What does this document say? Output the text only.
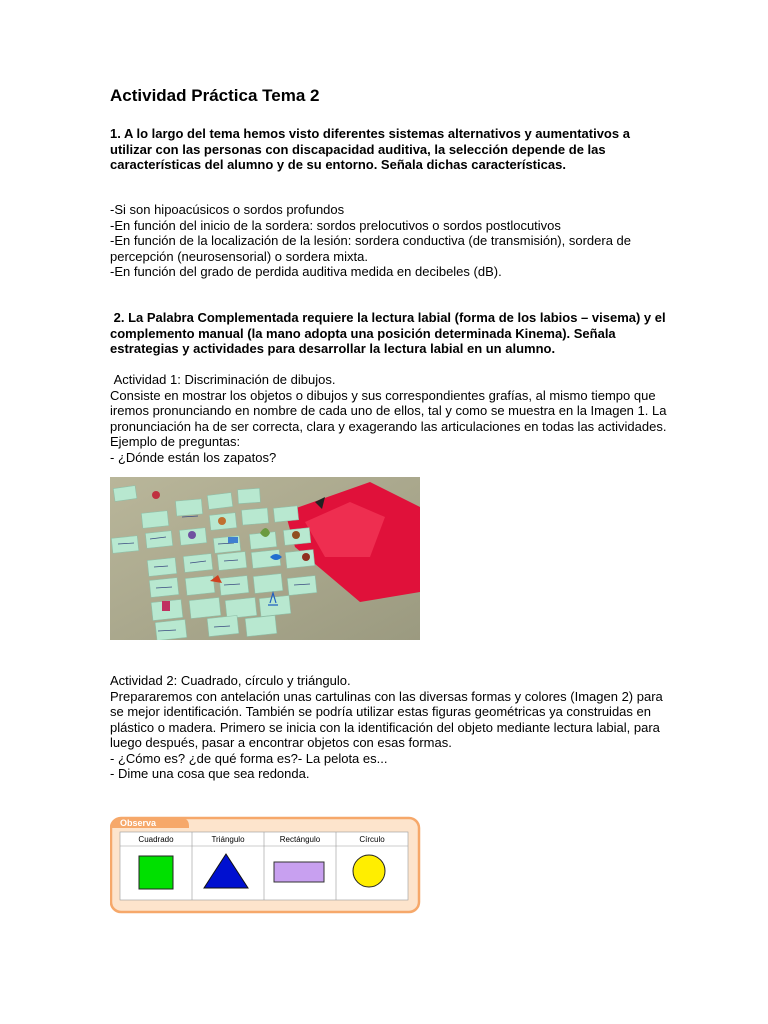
Actividad Práctica Tema 2
1. A lo largo del tema hemos visto diferentes sistemas alternativos y aumentativos a utilizar con las personas con discapacidad auditiva, la selección depende de las características del alumno y de su entorno. Señala dichas características.
-Si son hipoacúsicos o sordos profundos
-En función del inicio de la sordera: sordos prelocutivos o sordos postlocutivos
-En función de la localización de la lesión: sordera conductiva (de transmisión), sordera de percepción (neurosensorial) o sordera mixta.
-En función del grado de perdida auditiva medida en decibeles (dB).
2. La Palabra Complementada requiere la lectura labial (forma de los labios – visema) y el complemento manual (la mano adopta una posición determinada Kinema). Señala estrategias y actividades para desarrollar la lectura labial en un alumno.
Actividad 1: Discriminación de dibujos.
Consiste en mostrar los objetos o dibujos y sus correspondientes grafías, al mismo tiempo que iremos pronunciando en nombre de cada uno de ellos, tal y como se muestra en la Imagen 1. La pronunciación ha de ser correcta, clara y exagerando las articulaciones en todas las actividades. Ejemplo de preguntas:
- ¿Dónde están los zapatos?
Actividad 2: Cuadrado, círculo y triángulo.
Prepararemos con antelación unas cartulinas con las diversas formas y colores (Imagen 2) para se mejor identificación. También se podría utilizar estas figuras geométricas ya construidas en plástico o madera. Primero se inicia con la identificación del objeto mediante lectura labial, para luego después, pasar a encontrar objetos con esas formas.
- ¿Cómo es? ¿de qué forma es?- La pelota es...
- Dime una cosa que sea redonda.
Observa
Cuadrado	Triángulo	Rectángulo	Círculo
